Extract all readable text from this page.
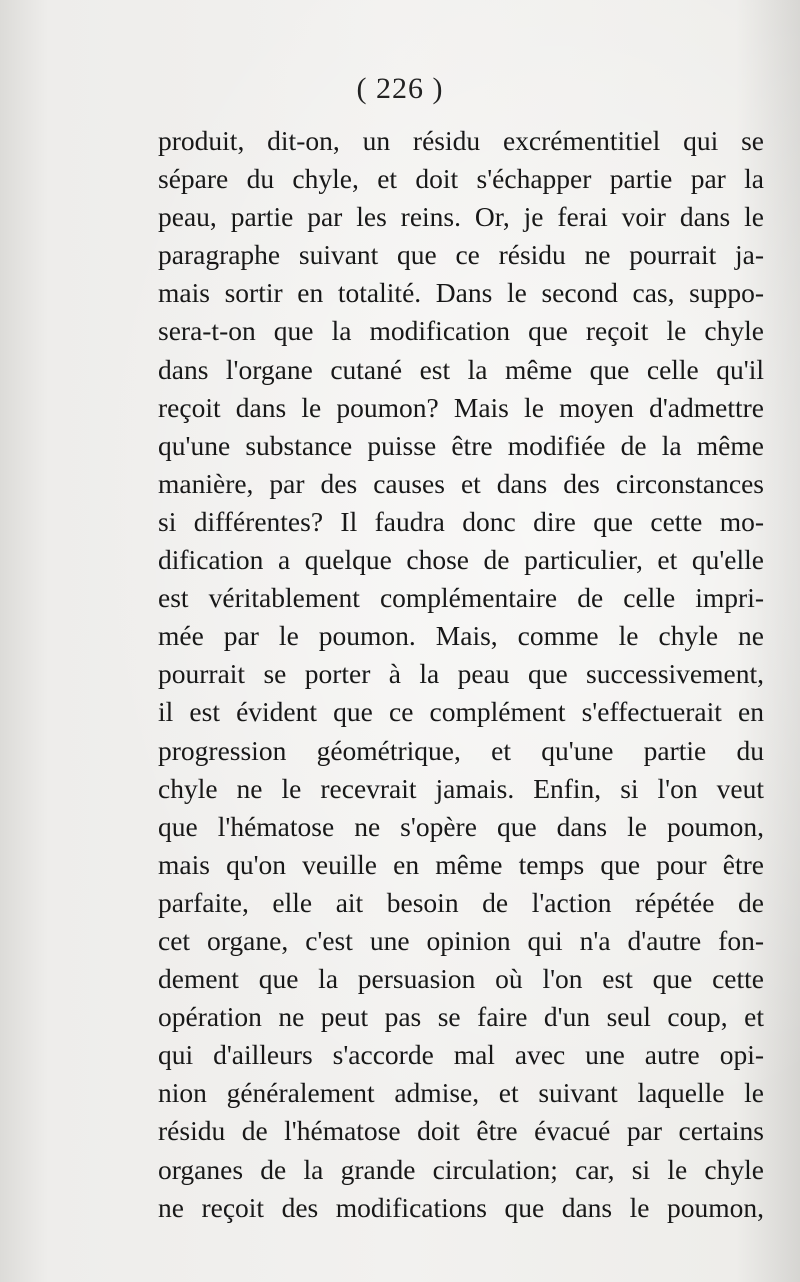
( 226 )
produit, dit-on, un résidu excrémentitiel qui se
sépare du chyle, et doit s'échapper partie par la
peau, partie par les reins. Or, je ferai voir dans le
paragraphe suivant que ce résidu ne pourrait ja-
mais sortir en totalité. Dans le second cas, suppo-
sera-t-on que la modification que reçoit le chyle
dans l'organe cutané est la même que celle qu'il
reçoit dans le poumon? Mais le moyen d'admettre
qu'une substance puisse être modifiée de la même
manière, par des causes et dans des circonstances
si différentes? Il faudra donc dire que cette mo-
dification a quelque chose de particulier, et qu'elle
est véritablement complémentaire de celle impri-
mée par le poumon. Mais, comme le chyle ne
pourrait se porter à la peau que successivement,
il est évident que ce complément s'effectuerait en
progression géométrique, et qu'une partie du
chyle ne le recevrait jamais. Enfin, si l'on veut
que l'hématose ne s'opère que dans le poumon,
mais qu'on veuille en même temps que pour être
parfaite, elle ait besoin de l'action répétée de
cet organe, c'est une opinion qui n'a d'autre fon-
dement que la persuasion où l'on est que cette
opération ne peut pas se faire d'un seul coup, et
qui d'ailleurs s'accorde mal avec une autre opi-
nion généralement admise, et suivant laquelle le
résidu de l'hématose doit être évacué par certains
organes de la grande circulation; car, si le chyle
ne reçoit des modifications que dans le poumon,
